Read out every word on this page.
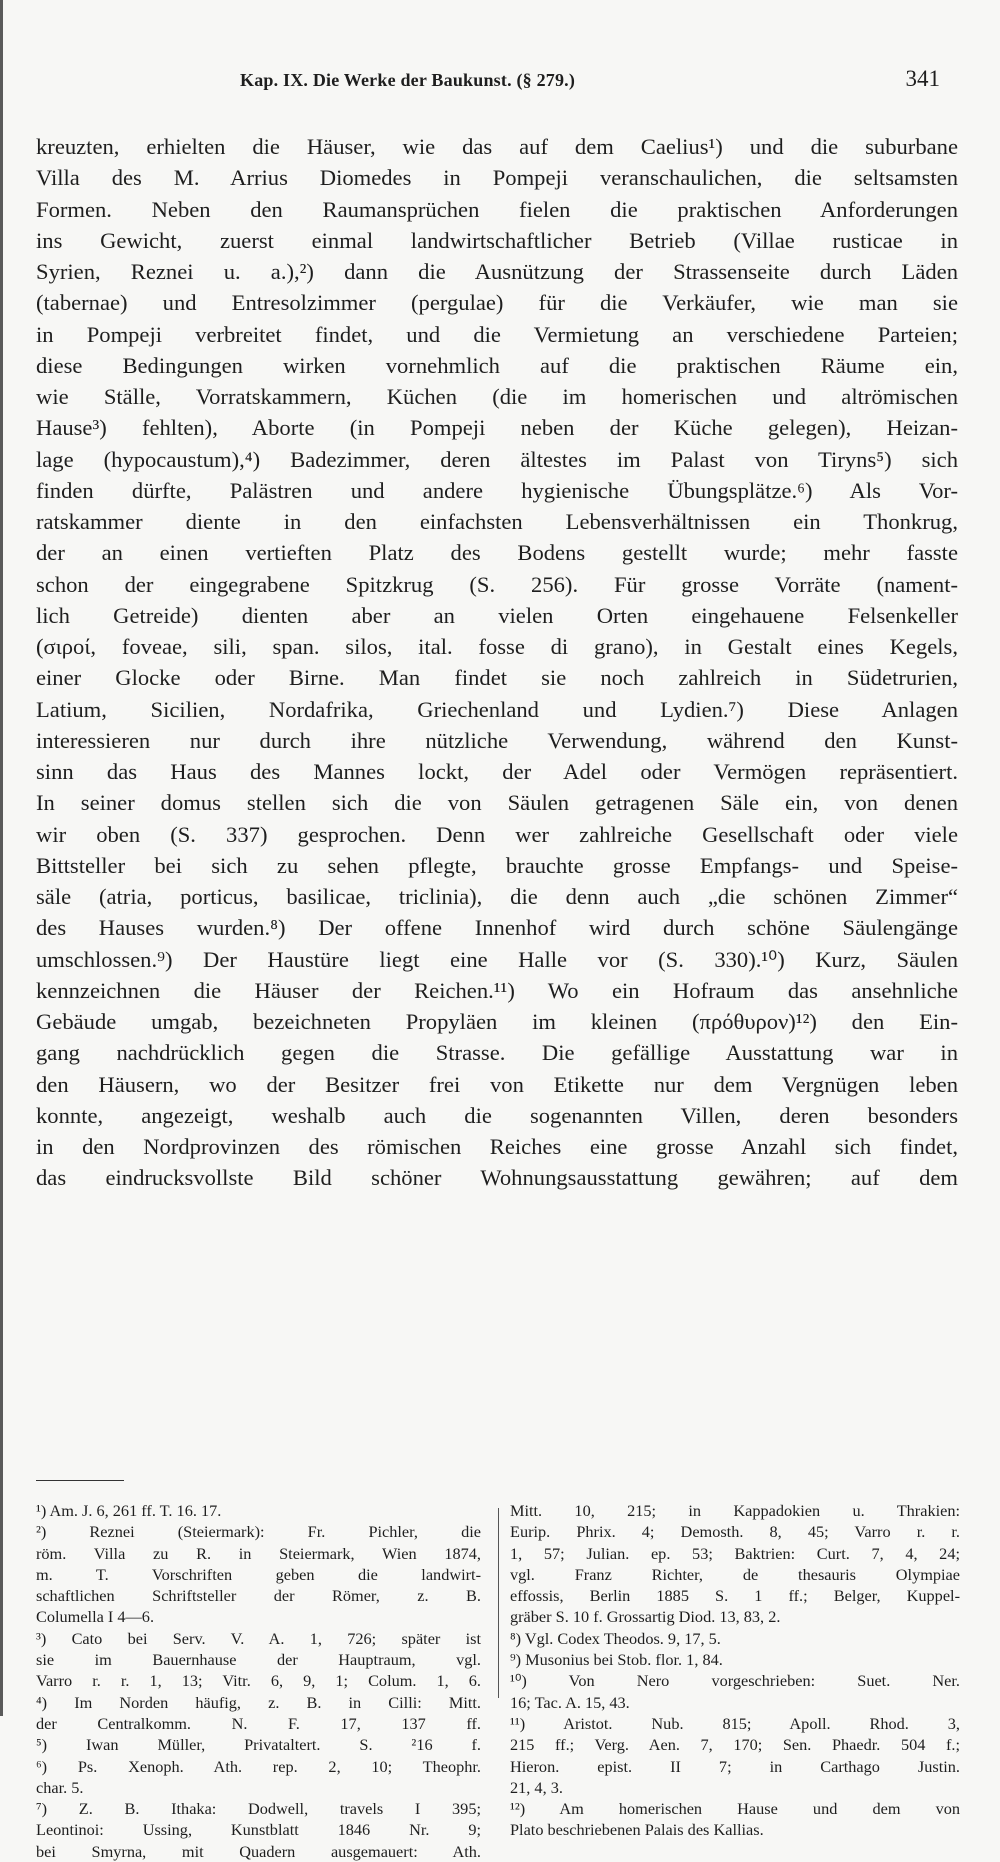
Kap. IX. Die Werke der Baukunst. (§ 279.)	341
kreuzten, erhielten die Häuser, wie das auf dem Caelius¹) und die suburbane
Villa des M. Arrius Diomedes in Pompeji veranschaulichen, die seltsamsten
Formen. Neben den Raumansprüchen fielen die praktischen Anforderungen
ins Gewicht, zuerst einmal landwirtschaftlicher Betrieb (Villae rusticae in
Syrien, Reznei u. a.),²) dann die Ausnützung der Strassenseite durch Läden
(tabernae) und Entresolzimmer (pergulae) für die Verkäufer, wie man sie
in Pompeji verbreitet findet, und die Vermietung an verschiedene Parteien;
diese Bedingungen wirken vornehmlich auf die praktischen Räume ein,
wie Ställe, Vorratskammern, Küchen (die im homerischen und altrömischen
Hause³) fehlten), Aborte (in Pompeji neben der Küche gelegen), Heizan-
lage (hypocaustum),⁴) Badezimmer, deren ältestes im Palast von Tiryns⁵) sich
finden dürfte, Palästren und andere hygienische Übungsplätze.⁶) Als Vor-
ratskammer diente in den einfachsten Lebensverhältnissen ein Thonkrug,
der an einen vertieften Platz des Bodens gestellt wurde; mehr fasste
schon der eingegrabene Spitzkrug (S. 256). Für grosse Vorräte (nament-
lich Getreide) dienten aber an vielen Orten eingehauene Felsenkeller
(σιροί, foveae, sili, span. silos, ital. fosse di grano), in Gestalt eines Kegels,
einer Glocke oder Birne. Man findet sie noch zahlreich in Südetrurien,
Latium, Sicilien, Nordafrika, Griechenland und Lydien.⁷) Diese Anlagen
interessieren nur durch ihre nützliche Verwendung, während den Kunst-
sinn das Haus des Mannes lockt, der Adel oder Vermögen repräsentiert.
In seiner domus stellen sich die von Säulen getragenen Säle ein, von denen
wir oben (S. 337) gesprochen. Denn wer zahlreiche Gesellschaft oder viele
Bittsteller bei sich zu sehen pflegte, brauchte grosse Empfangs- und Speise-
säle (atria, porticus, basilicae, triclinia), die denn auch „die schönen Zimmer“
des Hauses wurden.⁸) Der offene Innenhof wird durch schöne Säulengänge
umschlossen.⁹) Der Haustüre liegt eine Halle vor (S. 330).¹⁰) Kurz, Säulen
kennzeichnen die Häuser der Reichen.¹¹) Wo ein Hofraum das ansehnliche
Gebäude umgab, bezeichneten Propyläen im kleinen (πρόθυρον)¹²) den Ein-
gang nachdrücklich gegen die Strasse. Die gefällige Ausstattung war in
den Häusern, wo der Besitzer frei von Etikette nur dem Vergnügen leben
konnte, angezeigt, weshalb auch die sogenannten Villen, deren besonders
in den Nordprovinzen des römischen Reiches eine grosse Anzahl sich findet,
das eindrucksvollste Bild schöner Wohnungsausstattung gewähren; auf dem
¹) Am. J. 6, 261 ff. T. 16. 17.
²) Reznei (Steiermark): Fr. Pichler, die
röm. Villa zu R. in Steiermark, Wien 1874,
m. T. Vorschriften geben die landwirt-
schaftlichen Schriftsteller der Römer, z. B.
Columella I 4—6.
³) Cato bei Serv. V. A. 1, 726; später ist
sie im Bauernhause der Hauptraum, vgl.
Varro r. r. 1, 13; Vitr. 6, 9, 1; Colum. 1, 6.
⁴) Im Norden häufig, z. B. in Cilli: Mitt.
der Centralkomm. N. F. 17, 137 ff.
⁵) Iwan Müller, Privataltert. S. ²16 f.
⁶) Ps. Xenoph. Ath. rep. 2, 10; Theophr.
char. 5.
⁷) Z. B. Ithaka: Dodwell, travels I 395;
Leontinoi: Ussing, Kunstblatt 1846 Nr. 9;
bei Smyrna, mit Quadern ausgemauert: Ath.
Mitt. 10, 215; in Kappadokien u. Thrakien:
Eurip. Phrix. 4; Demosth. 8, 45; Varro r. r.
1, 57; Julian. ep. 53; Baktrien: Curt. 7, 4, 24;
vgl. Franz Richter, de thesauris Olympiae
effossis, Berlin 1885 S. 1 ff.; Belger, Kuppel-
gräber S. 10 f. Grossartig Diod. 13, 83, 2.
⁸) Vgl. Codex Theodos. 9, 17, 5.
⁹) Musonius bei Stob. flor. 1, 84.
¹⁰) Von Nero vorgeschrieben: Suet. Ner.
16; Tac. A. 15, 43.
¹¹) Aristot. Nub. 815; Apoll. Rhod. 3,
215 ff.; Verg. Aen. 7, 170; Sen. Phaedr. 504 f.;
Hieron. epist. II 7; in Carthago Justin.
21, 4, 3.
¹²) Am homerischen Hause und dem von
Plato beschriebenen Palais des Kallias.
